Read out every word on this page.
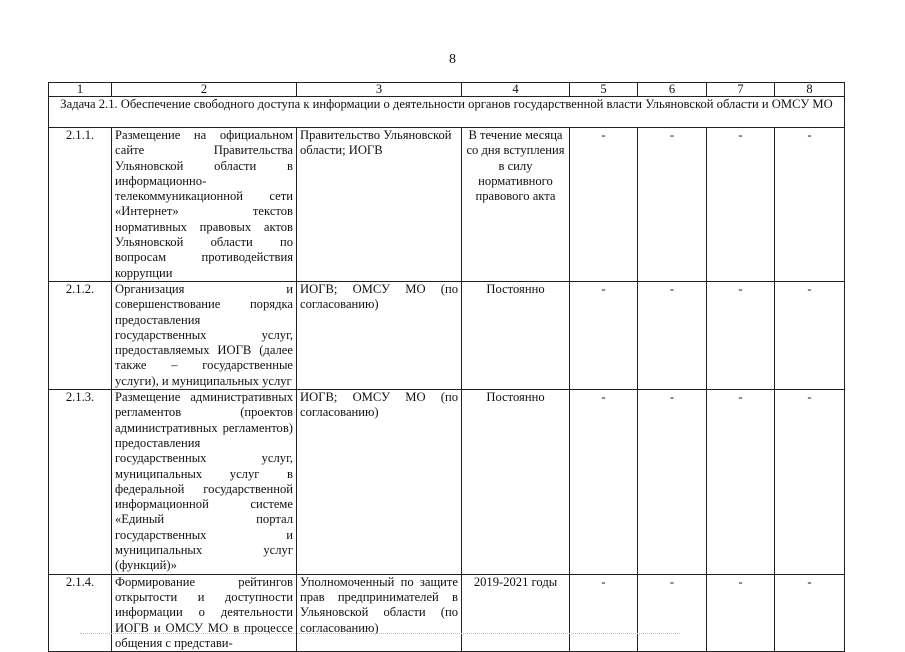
8
1	2	3	4	5	6	7	8
Задача 2.1. Обеспечение свободного доступа к информации о деятельности органов государственной власти Ульяновской области и ОМСУ МО							
2.1.1.	Размещение на официальном сайте Правительства Ульяновской области в информационно-телекоммуникационной сети «Интернет» текстов нормативных правовых актов Ульяновской области по вопросам противодействия коррупции	Правительство Ульяновской области; ИОГВ	В течение месяца со дня вступления в силу нормативного правового акта	-	-	-	-
2.1.2.	Организация и совершенствование порядка предоставления государственных услуг, предоставляемых ИОГВ (далее также – государственные услуги), и муниципальных услуг	ИОГВ; ОМСУ МО (по согласованию)	Постоянно	-	-	-	-
2.1.3.	Размещение административных регламентов (проектов административных регламентов) предоставления государственных услуг, муниципальных услуг в федеральной государственной информационной системе «Единый портал государственных и муниципальных услуг (функций)»	ИОГВ; ОМСУ МО (по согласованию)	Постоянно	-	-	-	-
2.1.4.	Формирование рейтингов открытости и доступности информации о деятельности ИОГВ и ОМСУ МО в процессе общения с представи-	Уполномоченный по защите прав предпринимателей в Ульяновской области (по согласованию)	2019-2021 годы	-	-	-	-
